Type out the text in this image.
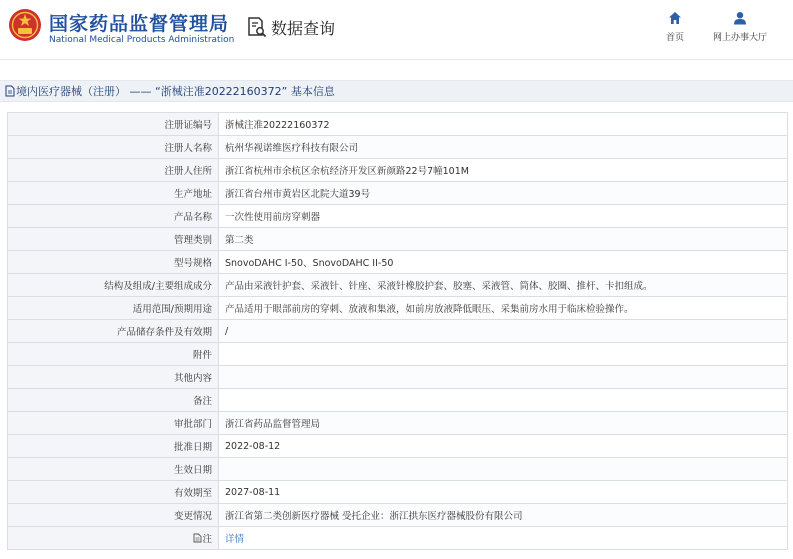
国家药品监督管理局
National Medical Products Administration
数据查询
首页	网上办事大厅
境内医疗器械（注册） —— “浙械注准20222160372” 基本信息
注册证编号	浙械注准20222160372
注册人名称	杭州华视诺维医疗科技有限公司
注册人住所	浙江省杭州市余杭区余杭经济开发区新颜路22号7幢101M
生产地址	浙江省台州市黄岩区北院大道39号
产品名称	一次性使用前房穿刺器
管理类别	第二类
型号规格	SnovoDAHC I-50、SnovoDAHC II-50
结构及组成/主要组成成分	产品由采液针护套、采液针、针座、采液针橡胶护套、胶塞、采液管、筒体、胶圈、推杆、卡扣组成。
适用范围/预期用途	产品适用于眼部前房的穿刺、放液和集液，如前房放液降低眼压、采集前房水用于临床检验操作。
产品储存条件及有效期	/
附件	
其他内容	
备注	
审批部门	浙江省药品监督管理局
批准日期	2022-08-12
生效日期	
有效期至	2027-08-11
变更情况	浙江省第二类创新医疗器械 受托企业：浙江拱东医疗器械股份有限公司
注	详情
